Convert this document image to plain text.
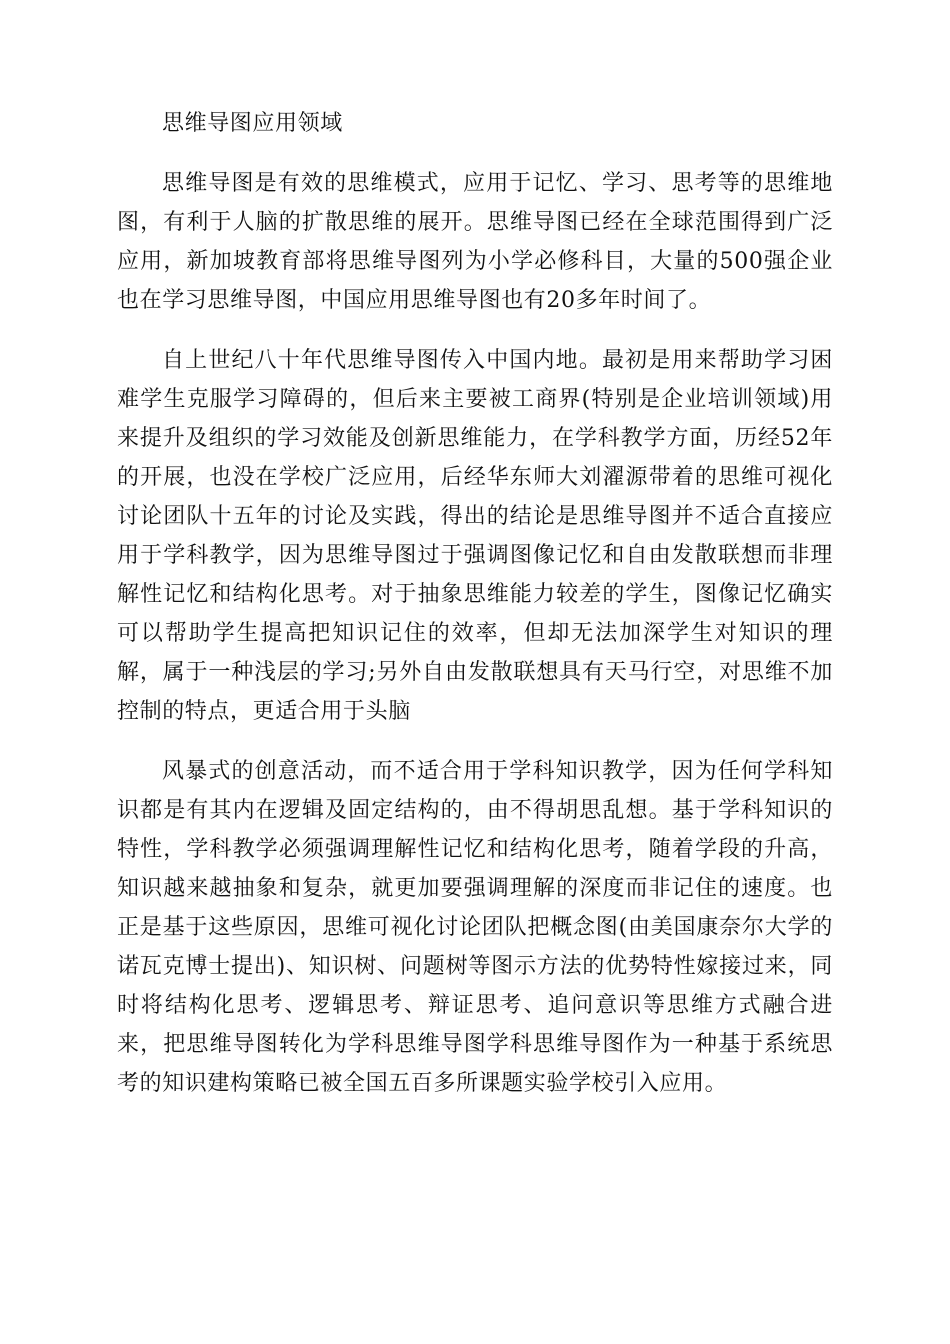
思维导图应用领域

思维导图是有效的思维模式，应用于记忆、学习、思考等的思维地图，有利于人脑的扩散思维的展开。思维导图已经在全球范围得到广泛应用，新加坡教育部将思维导图列为小学必修科目，大量的500强企业也在学习思维导图，中国应用思维导图也有20多年时间了。

自上世纪八十年代思维导图传入中国内地。最初是用来帮助学习困难学生克服学习障碍的，但后来主要被工商界(特别是企业培训领域)用来提升及组织的学习效能及创新思维能力，在学科教学方面，历经52年的开展，也没在学校广泛应用，后经华东师大刘濯源带着的思维可视化讨论团队十五年的讨论及实践，得出的结论是思维导图并不适合直接应用于学科教学，因为思维导图过于强调图像记忆和自由发散联想而非理解性记忆和结构化思考。对于抽象思维能力较差的学生，图像记忆确实可以帮助学生提高把知识记住的效率，但却无法加深学生对知识的理解，属于一种浅层的学习;另外自由发散联想具有天马行空，对思维不加控制的特点，更适合用于头脑

风暴式的创意活动，而不适合用于学科知识教学，因为任何学科知识都是有其内在逻辑及固定结构的，由不得胡思乱想。基于学科知识的特性，学科教学必须强调理解性记忆和结构化思考，随着学段的升高，知识越来越抽象和复杂，就更加要强调理解的深度而非记住的速度。也正是基于这些原因，思维可视化讨论团队把概念图(由美国康奈尔大学的诺瓦克博士提出)、知识树、问题树等图示方法的优势特性嫁接过来，同时将结构化思考、逻辑思考、辩证思考、追问意识等思维方式融合进来，把思维导图转化为学科思维导图学科思维导图作为一种基于系统思考的知识建构策略已被全国五百多所课题实验学校引入应用。
